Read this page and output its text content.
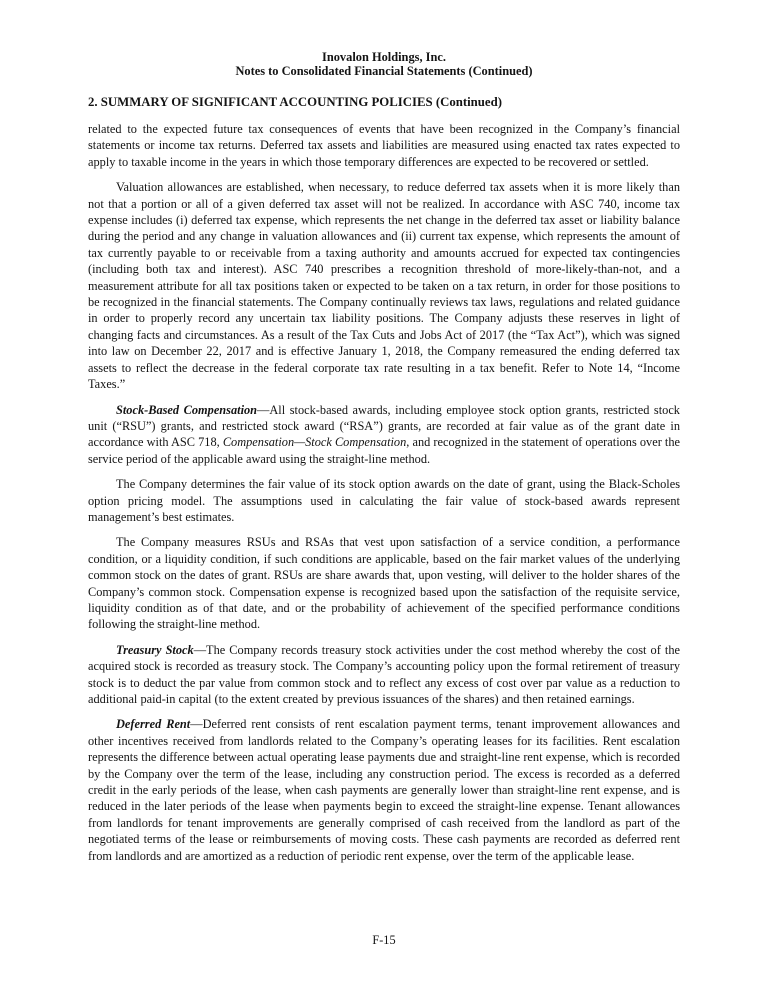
Inovalon Holdings, Inc.
Notes to Consolidated Financial Statements (Continued)
2. SUMMARY OF SIGNIFICANT ACCOUNTING POLICIES (Continued)

related to the expected future tax consequences of events that have been recognized in the Company’s financial statements or income tax returns. Deferred tax assets and liabilities are measured using enacted tax rates expected to apply to taxable income in the years in which those temporary differences are expected to be recovered or settled.

Valuation allowances are established, when necessary, to reduce deferred tax assets when it is more likely than not that a portion or all of a given deferred tax asset will not be realized. In accordance with ASC 740, income tax expense includes (i) deferred tax expense, which represents the net change in the deferred tax asset or liability balance during the period and any change in valuation allowances and (ii) current tax expense, which represents the amount of tax currently payable to or receivable from a taxing authority and amounts accrued for expected tax contingencies (including both tax and interest). ASC 740 prescribes a recognition threshold of more-likely-than-not, and a measurement attribute for all tax positions taken or expected to be taken on a tax return, in order for those positions to be recognized in the financial statements. The Company continually reviews tax laws, regulations and related guidance in order to properly record any uncertain tax liability positions. The Company adjusts these reserves in light of changing facts and circumstances. As a result of the Tax Cuts and Jobs Act of 2017 (the “Tax Act”), which was signed into law on December 22, 2017 and is effective January 1, 2018, the Company remeasured the ending deferred tax assets to reflect the decrease in the federal corporate tax rate resulting in a tax benefit. Refer to Note 14, “Income Taxes.”

Stock-Based Compensation—All stock-based awards, including employee stock option grants, restricted stock unit (“RSU”) grants, and restricted stock award (“RSA”) grants, are recorded at fair value as of the grant date in accordance with ASC 718, Compensation—Stock Compensation, and recognized in the statement of operations over the service period of the applicable award using the straight-line method.

The Company determines the fair value of its stock option awards on the date of grant, using the Black-Scholes option pricing model. The assumptions used in calculating the fair value of stock-based awards represent management’s best estimates.

The Company measures RSUs and RSAs that vest upon satisfaction of a service condition, a performance condition, or a liquidity condition, if such conditions are applicable, based on the fair market values of the underlying common stock on the dates of grant. RSUs are share awards that, upon vesting, will deliver to the holder shares of the Company’s common stock. Compensation expense is recognized based upon the satisfaction of the requisite service, liquidity condition as of that date, and or the probability of achievement of the specified performance conditions following the straight-line method.

Treasury Stock—The Company records treasury stock activities under the cost method whereby the cost of the acquired stock is recorded as treasury stock. The Company’s accounting policy upon the formal retirement of treasury stock is to deduct the par value from common stock and to reflect any excess of cost over par value as a reduction to additional paid-in capital (to the extent created by previous issuances of the shares) and then retained earnings.

Deferred Rent—Deferred rent consists of rent escalation payment terms, tenant improvement allowances and other incentives received from landlords related to the Company’s operating leases for its facilities. Rent escalation represents the difference between actual operating lease payments due and straight-line rent expense, which is recorded by the Company over the term of the lease, including any construction period. The excess is recorded as a deferred credit in the early periods of the lease, when cash payments are generally lower than straight-line rent expense, and is reduced in the later periods of the lease when payments begin to exceed the straight-line expense. Tenant allowances from landlords for tenant improvements are generally comprised of cash received from the landlord as part of the negotiated terms of the lease or reimbursements of moving costs. These cash payments are recorded as deferred rent from landlords and are amortized as a reduction of periodic rent expense, over the term of the applicable lease.

F-15
